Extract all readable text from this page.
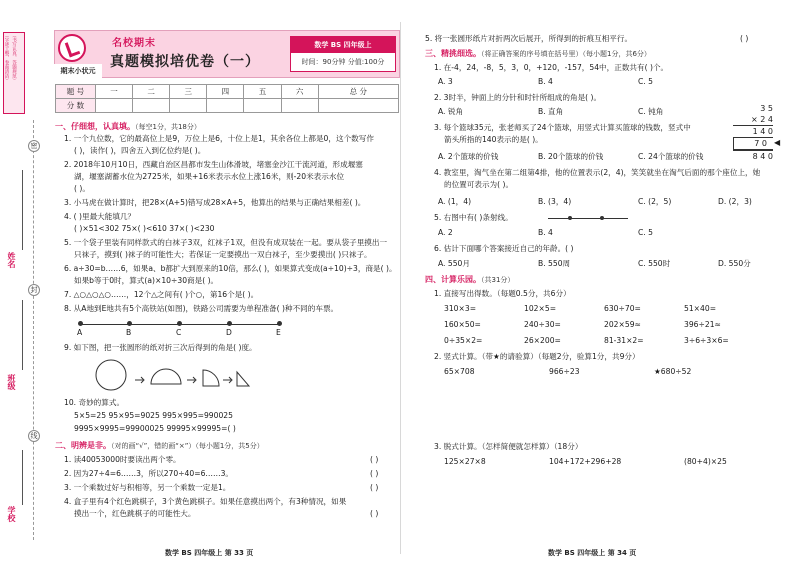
（字迹工整，卷面清洁） （书写认真，答题规范）
密
封
线
姓名
班级
学校
期末小状元
名校期末
真题模拟培优卷（一）
数学 BS 四年级上
时间：90分钟 分值:100分
题 号	一	二	三	四	五	六	总 分
分 数							
一、仔细想，认真填。（每空1分，共18分）
1. 一个九位数，它的最高位上是9，万位上是6，十位上是1，其余各位上都是0，这个数写作
( )，读作( )，四舍五入到亿位约是( )。
2. 2018年10月10日，西藏自治区昌都市发生山体滑坡，堵塞金沙江干流河道，形成堰塞
湖，堰塞湖蓄水位为2725米，如果+16米表示水位上涨16米，则-20米表示水位
( )。
3. 小马虎在做计算时，把28×(A+5)错写成28×A+5，他算出的结果与正确结果相差( )。
4. ( )里最大能填几？
( )×51<302 75×( )<610 37×( )<230
5. 一个袋子里装有同样款式的白袜子3双，红袜子1双，但没有成双装在一起。要从袋子里摸出一
只袜子，摸到( )袜子的可能性大；若保证一定要摸出一双白袜子，至少要摸出( )只袜子。
6. a÷30=b……6，如果a、b都扩大到原来的10倍，那么( )，如果算式变成(a÷10)÷3，商是( )。
如果b等于0时，算式(a)×10÷30商是( )。
7. △○△○△○……，12个△之间有( )个○，第16个是( )。
8. 从A地到E地共有5个高铁站(如图)，铁路公司需要为单程准备( )种不同的车票。
A	B	C	D	E
9. 如下图，把一张圆形的纸对折三次后得到的角是( )度。
10. 奇妙的算式。
5×5=25 95×95=9025 995×995=990025
9995×9995=99900025 99995×99995=( )
二、明辨是非。（对的画“√”，错的画“×”）（每小题1分，共5分）
1. 读40053000时要读出两个零。	( )
2. 因为27÷4=6……3，所以270÷40=6……3。	( )
3. 一个乘数过好与积相等，另一个乘数一定是1。	( )
4. 盒子里有4个红色跳棋子，3个黄色跳棋子。如果任意摸出两个，有3种情况，如果
摸出一个，红色跳棋子的可能性大。	( )
数学 BS 四年级上 第 33 页
5. 将一张圆形纸片对折两次后展开，所得到的折痕互相平行。	( )
三、精挑细选。（将正确答案的序号填在括号里）（每小题1分，共6分）
1. 在-4，24，-8，5，3，0，+120，-157，54中，正数共有( )个。
A. 3	B. 4	C. 5
2. 3时半，钟面上的分针和时针所组成的角是( )。
A. 锐角	B. 直角	C. 钝角
3. 每个篮球35元，张老师买了24个篮球，用竖式计算买篮球的钱数，竖式中
箭头所指的140表示的是( )。
A. 2个篮球的价钱	B. 20个篮球的价钱	C. 24个篮球的价钱
3 5
× 2 4
1 4 0
7 0
8 4 0
◀
4. 教室里，淘气坐在第二组第4排，他的位置表示(2，4)，笑笑就坐在淘气后面的那个座位上，她
的位置可表示为( )。
A. (1，4)	B. (3，4)	C. (2，5)	D. (2，3)
5. 右图中有( )条射线。
A. 2	B. 4	C. 5
6. 估计下面哪个答案接近自己的年龄。( )
A. 550月	B. 550周	C. 550时	D. 550分
四、计算乐园。（共31分）
1. 直接写出得数。（每题0.5分，共6分）
310×3=	102×5=	630÷70=	51×40=
160×50=	240÷30=	202×59≈	396÷21≈
0÷35×2=	26×200=	81-31×2=	3÷6÷3×6=
2. 竖式计算。（带★的请验算）（每题2分，验算1分，共9分）
65×708	966÷23	★680÷52
3. 脱式计算。（怎样简便就怎样算）（18分）
125×27×8	104+172+296+28	(80+4)×25
数学 BS 四年级上 第 34 页
